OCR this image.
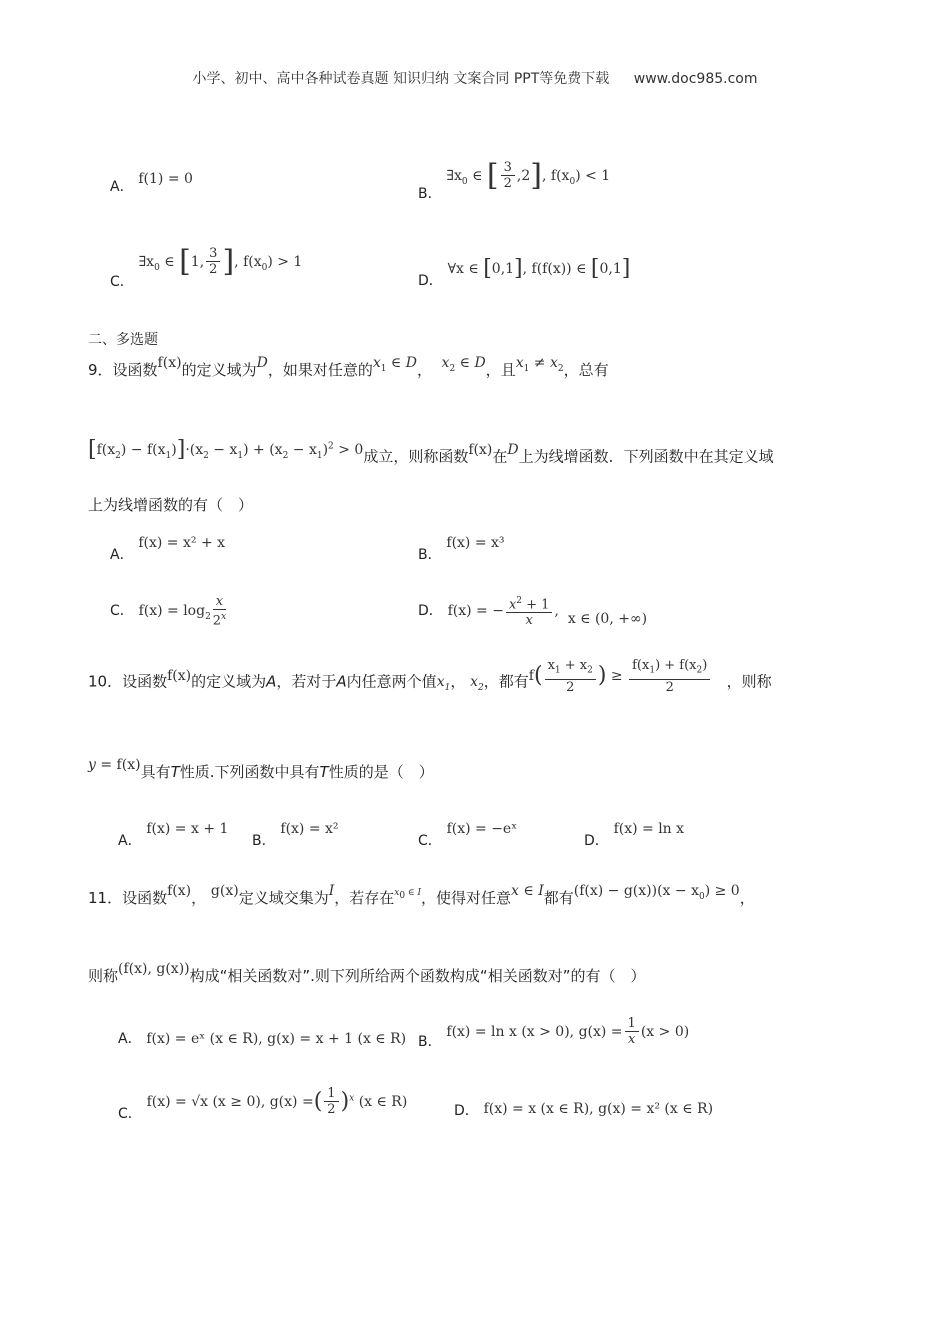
小学、初中、高中各种试卷真题 知识归纳 文案合同 PPT等免费下载 www.doc985.com
A． f(1) = 0
B． $\exists x_0$ ∈ [ $\frac{3}{2} ,2$], $f(x_0) < 1$
C． $\exists x_0$ ∈ [1, $\frac{3}{2}$ ], $f(x_0) > 1$
D． ∀x ∈ [0,1], f(f(x)) ∈ [0,1]
二、多选题
9．设函数f(x)的定义域为D，如果对任意的$x_1$ ∈ D， $x_2$ ∈ D，且$x_1 \ne x_2$，总有
$[f(x_2) - f(x_1)]\cdot(x_2 - x_1) + (x_2 - x_1)^2 > 0$成立，则称函数f(x)在D上为线增函数．下列函数中在其定义域
上为线增函数的有（　）
A． f(x) = x² + x
B． f(x) = x³
C． $f(x) = \log_2 \frac{x}{2^x}$	D． f(x) = − $\frac{x^2 + 1}{x}$ ,  x ∈ (0, +∞)
10．设函数f(x)的定义域为A，若对于A内任意两个值$x_1$， $x_2$，都有$f( \frac{x_1 + x_2}{2}$ ) ≥ $\frac{f(x_1) + f(x_2)}{2}$ ，则称
y = f(x)具有T性质.下列函数中具有T性质的是（　）
A． f(x) = x + 1
B． f(x) = x²
C． f(x) = −eˣ
D． f(x) = ln x
11．设函数f(x)， g(x)定义域交集为I，若存在$^{x_0 \in I}$，使得对任意x ∈ I都有$(f(x) - g(x))(x - x_0) \ge 0$，
则称(f(x), g(x))构成“相关函数对”.则下列所给两个函数构成“相关函数对”的有（　）
A． f(x) = eˣ (x ∈ R), g(x) = x + 1 (x ∈ R) B． f(x) = ln x (x > 0), $g(x) = \frac{1}{x} (x > 0)$
C． f(x) = √x (x ≥ 0), g(x) =( $\frac{1}{2} )^x$ (x ∈ R)
D． f(x) = x (x ∈ R), g(x) = x² (x ∈ R)
